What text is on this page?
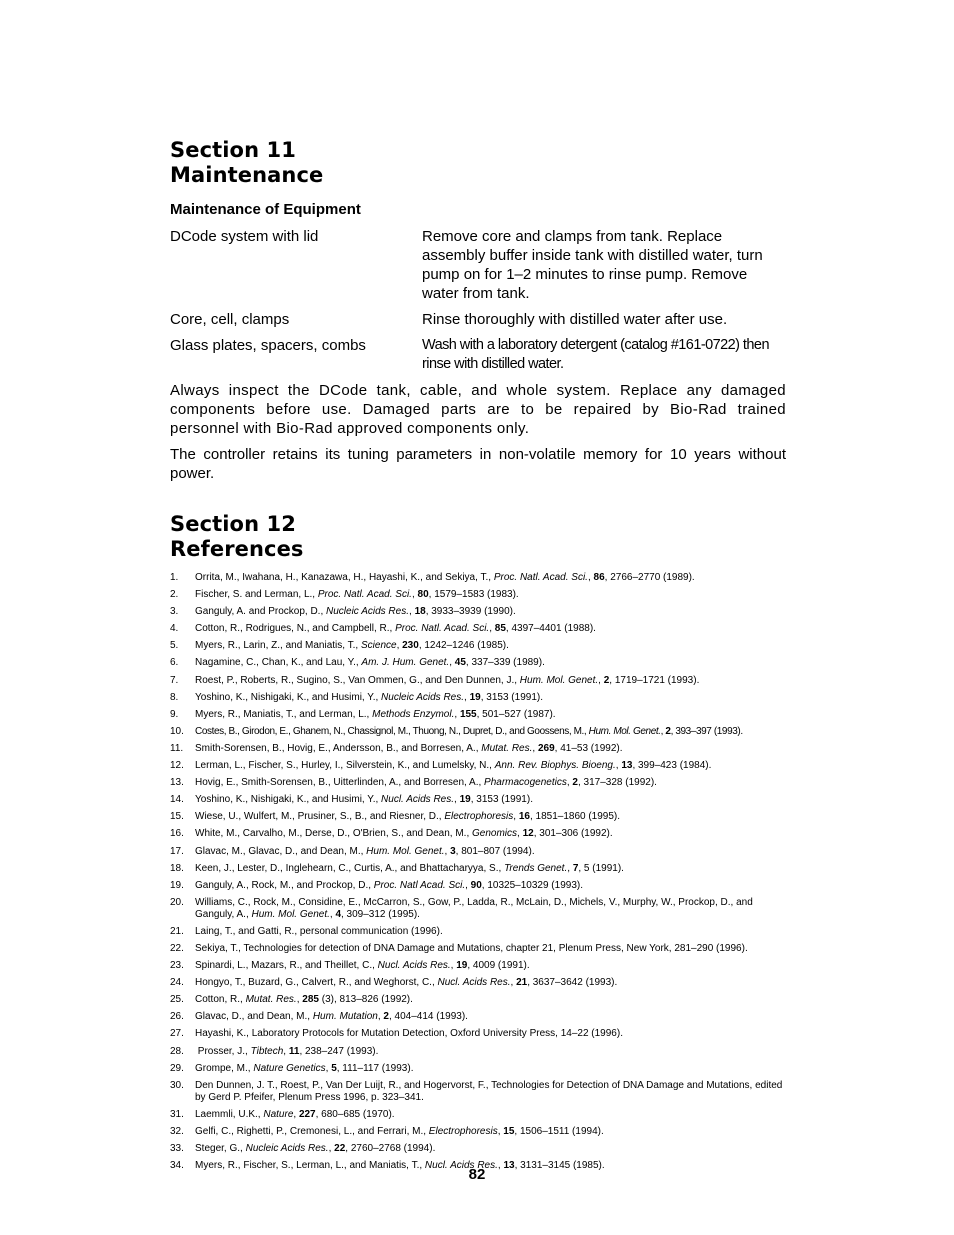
Section 11
Maintenance
Maintenance of Equipment
DCode system with lid	Remove core and clamps from tank. Replace assembly buffer inside tank with distilled water, turn pump on for 1–2 minutes to rinse pump. Remove water from tank.
Core, cell, clamps	Rinse thoroughly with distilled water after use.
Glass plates, spacers, combs	Wash with a laboratory detergent (catalog #161-0722) then rinse with distilled water.

Always inspect the DCode tank, cable, and whole system. Replace any damaged components before use. Damaged parts are to be repaired by Bio-Rad trained personnel with Bio-Rad approved components only.

The controller retains its tuning parameters in non-volatile memory for 10 years without power.

Section 12
References
1.	Orrita, M., Iwahana, H., Kanazawa, H., Hayashi, K., and Sekiya, T., Proc. Natl. Acad. Sci., 86, 2766–2770 (1989).
2.	Fischer, S. and Lerman, L., Proc. Natl. Acad. Sci., 80, 1579–1583 (1983).
3.	Ganguly, A. and Prockop, D., Nucleic Acids Res., 18, 3933–3939 (1990).
4.	Cotton, R., Rodrigues, N., and Campbell, R., Proc. Natl. Acad. Sci., 85, 4397–4401 (1988).
5.	Myers, R., Larin, Z., and Maniatis, T., Science, 230, 1242–1246 (1985).
6.	Nagamine, C., Chan, K., and Lau, Y., Am. J. Hum. Genet., 45, 337–339 (1989).
7.	Roest, P., Roberts, R., Sugino, S., Van Ommen, G., and Den Dunnen, J., Hum. Mol. Genet., 2, 1719–1721 (1993).
8.	Yoshino, K., Nishigaki, K., and Husimi, Y., Nucleic Acids Res., 19, 3153 (1991).
9.	Myers, R., Maniatis, T., and Lerman, L., Methods Enzymol., 155, 501–527 (1987).
10.	Costes, B., Girodon, E., Ghanem, N., Chassignol, M., Thuong, N., Dupret, D., and Goossens, M., Hum. Mol. Genet., 2, 393–397 (1993).
11.	Smith-Sorensen, B., Hovig, E., Andersson, B., and Borresen, A., Mutat. Res., 269, 41–53 (1992).
12.	Lerman, L., Fischer, S., Hurley, I., Silverstein, K., and Lumelsky, N., Ann. Rev. Biophys. Bioeng., 13, 399–423 (1984).
13.	Hovig, E., Smith-Sorensen, B., Uitterlinden, A., and Borresen, A., Pharmacogenetics, 2, 317–328 (1992).
14.	Yoshino, K., Nishigaki, K., and Husimi, Y., Nucl. Acids Res., 19, 3153 (1991).
15.	Wiese, U., Wulfert, M., Prusiner, S., B., and Riesner, D., Electrophoresis, 16, 1851–1860 (1995).
16.	White, M., Carvalho, M., Derse, D., O'Brien, S., and Dean, M., Genomics, 12, 301–306 (1992).
17.	Glavac, M., Glavac, D., and Dean, M., Hum. Mol. Genet., 3, 801–807 (1994).
18.	Keen, J., Lester, D., Inglehearn, C., Curtis, A., and Bhattacharyya, S., Trends Genet., 7, 5 (1991).
19.	Ganguly, A., Rock, M., and Prockop, D., Proc. Natl Acad. Sci., 90, 10325–10329 (1993).
20.	Williams, C., Rock, M., Considine, E., McCarron, S., Gow, P., Ladda, R., McLain, D., Michels, V., Murphy, W., Prockop, D., and Ganguly, A., Hum. Mol. Genet., 4, 309–312 (1995).
21.	Laing, T., and Gatti, R., personal communication (1996).
22.	Sekiya, T., Technologies for detection of DNA Damage and Mutations, chapter 21, Plenum Press, New York, 281–290 (1996).
23.	Spinardi, L., Mazars, R., and Theillet, C., Nucl. Acids Res., 19, 4009 (1991).
24.	Hongyo, T., Buzard, G., Calvert, R., and Weghorst, C., Nucl. Acids Res., 21, 3637–3642 (1993).
25.	Cotton, R., Mutat. Res., 285 (3), 813–826 (1992).
26.	Glavac, D., and Dean, M., Hum. Mutation, 2, 404–414 (1993).
27.	Hayashi, K., Laboratory Protocols for Mutation Detection, Oxford University Press, 14–22 (1996).
28.	Prosser, J., Tibtech, 11, 238–247 (1993).
29.	Grompe, M., Nature Genetics, 5, 111–117 (1993).
30.	Den Dunnen, J. T., Roest, P., Van Der Luijt, R., and Hogervorst, F., Technologies for Detection of DNA Damage and Mutations, edited by Gerd P. Pfeifer, Plenum Press 1996, p. 323–341.
31.	Laemmli, U.K., Nature, 227, 680–685 (1970).
32.	Gelfi, C., Righetti, P., Cremonesi, L., and Ferrari, M., Electrophoresis, 15, 1506–1511 (1994).
33.	Steger, G., Nucleic Acids Res., 22, 2760–2768 (1994).
34.	Myers, R., Fischer, S., Lerman, L., and Maniatis, T., Nucl. Acids Res., 13, 3131–3145 (1985).
82
